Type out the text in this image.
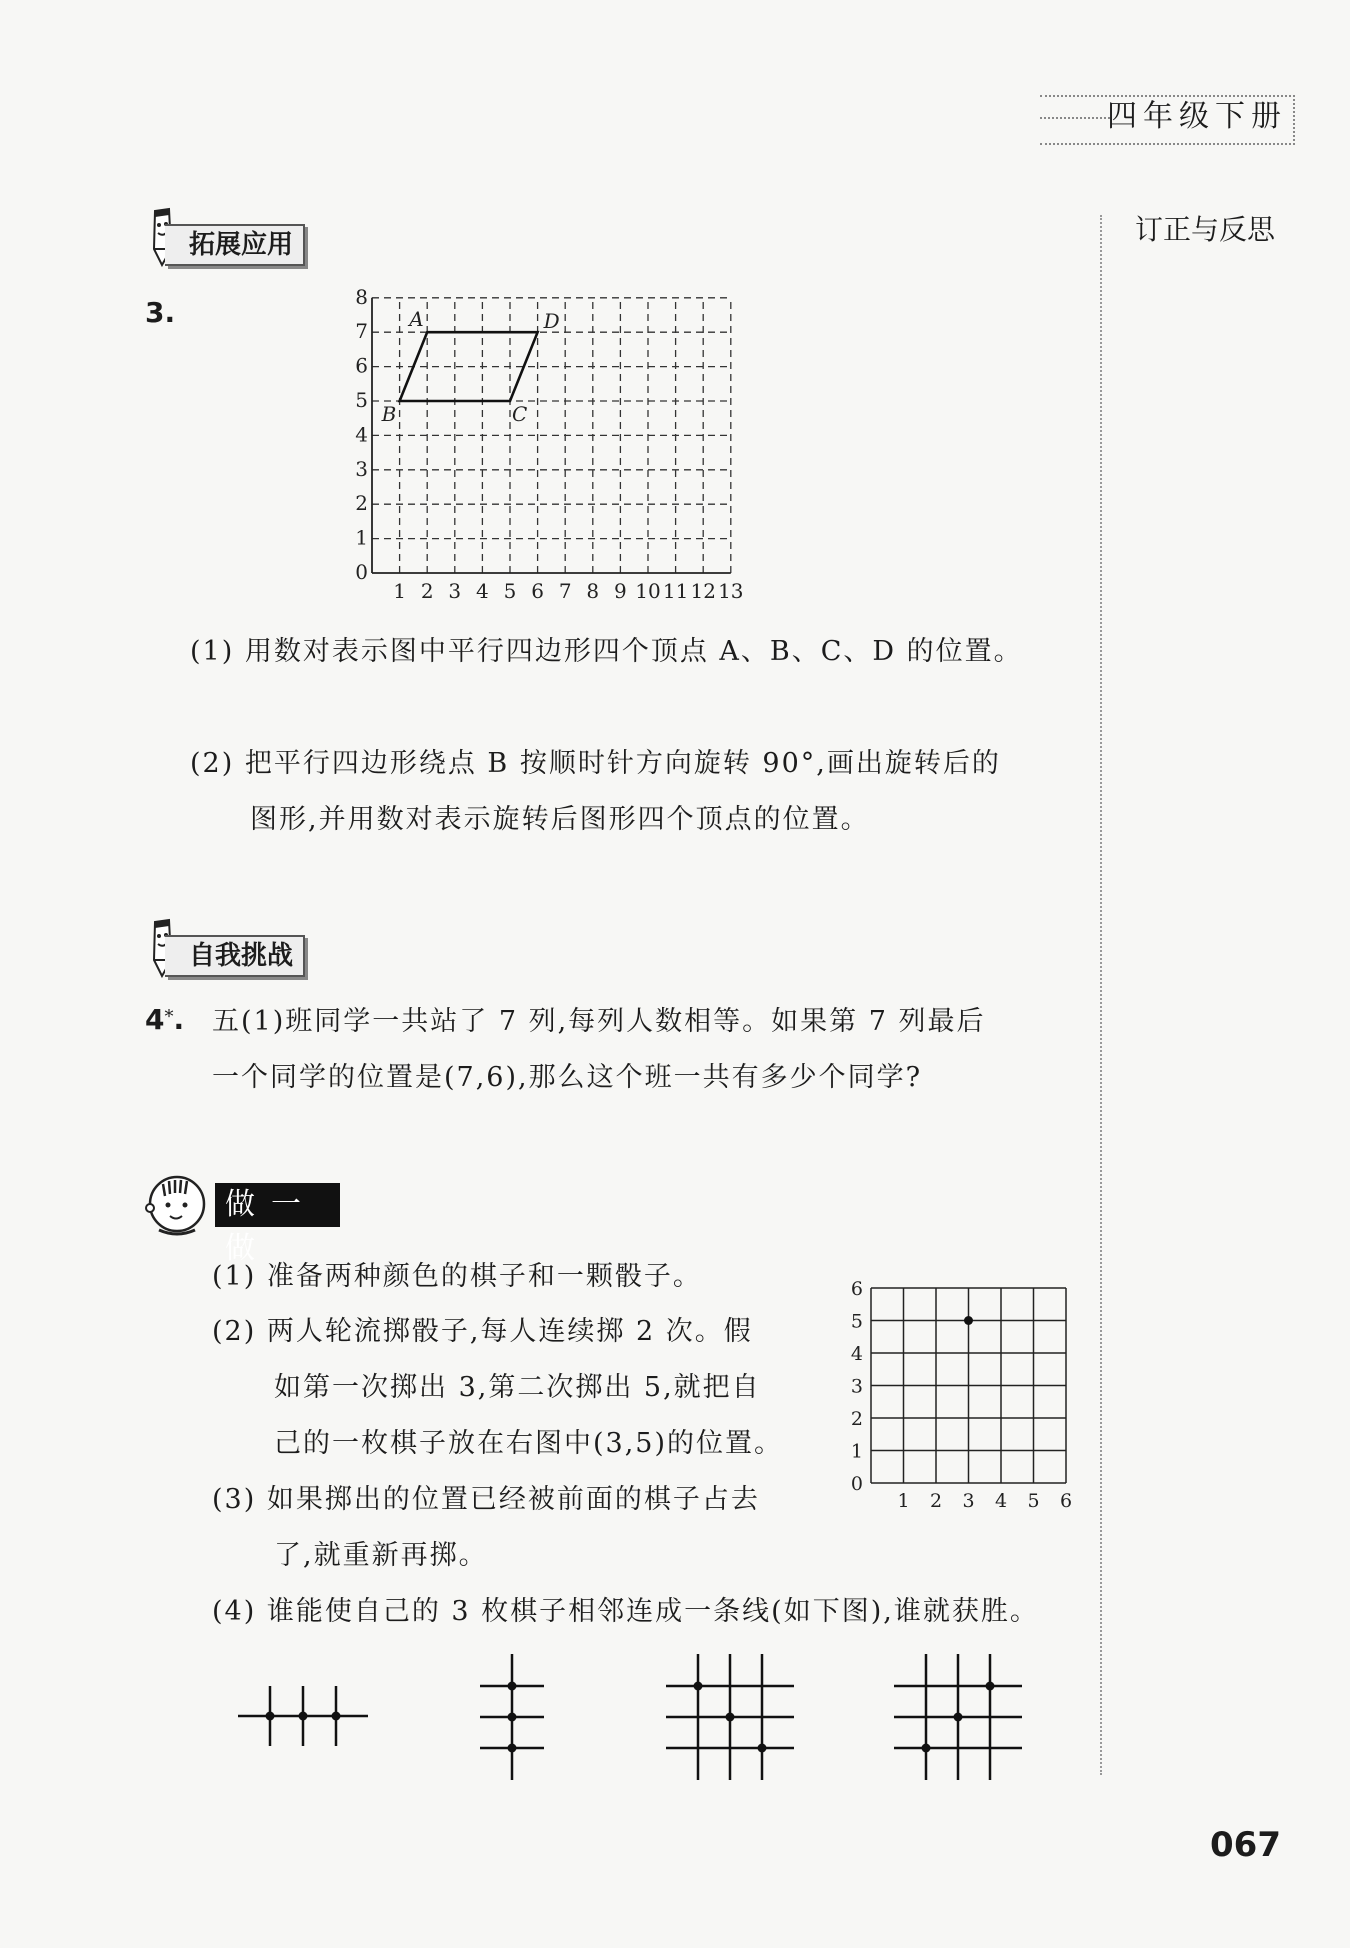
四年级下册
订正与反思
拓展应用
3.
1 2 3 4 5 6 7 8 9 10 11 12 13
0
1
2
3
4
5
6
7
8
A	D
C
B
(1) 用数对表示图中平行四边形四个顶点 A、B、C、D 的位置。
(2) 把平行四边形绕点 B 按顺时针方向旋转 90°,画出旋转后的
图形,并用数对表示旋转后图形四个顶点的位置。
自我挑战
4*. 五(1)班同学一共站了 7 列,每列人数相等。如果第 7 列最后
一个同学的位置是(7,6),那么这个班一共有多少个同学?
做一做
(1) 准备两种颜色的棋子和一颗骰子。
(2) 两人轮流掷骰子,每人连续掷 2 次。假
如第一次掷出 3,第二次掷出 5,就把自
己的一枚棋子放在右图中(3,5)的位置。
(3) 如果掷出的位置已经被前面的棋子占去
了,就重新再掷。
(4) 谁能使自己的 3 枚棋子相邻连成一条线(如下图),谁就获胜。
1 2 3 4 5 6
0
1
2
3
4
5
6
067
